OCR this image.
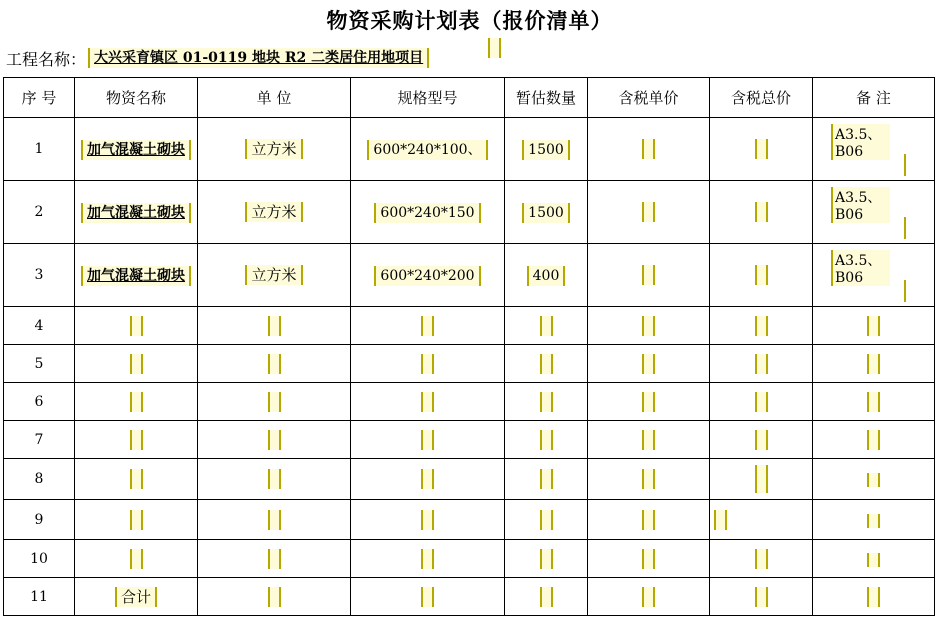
物资采购计划表（报价清单）
工程名称： 大兴采育镇区 01-0119 地块 R2 二类居住用地项目
序 号	物资名称	单 位	规格型号	暂估数量	含税单价	含税总价	备 注
1	加气混凝土砌块	立方米	600*240*100、	1500			A3.5、B06

2	加气混凝土砌块	立方米	600*240*150	1500			A3.5、B06

3	加气混凝土砌块	立方米	600*240*200	400			A3.5、B06

4							
5							
6							
7							
8							
9							
10							
11	合计						
